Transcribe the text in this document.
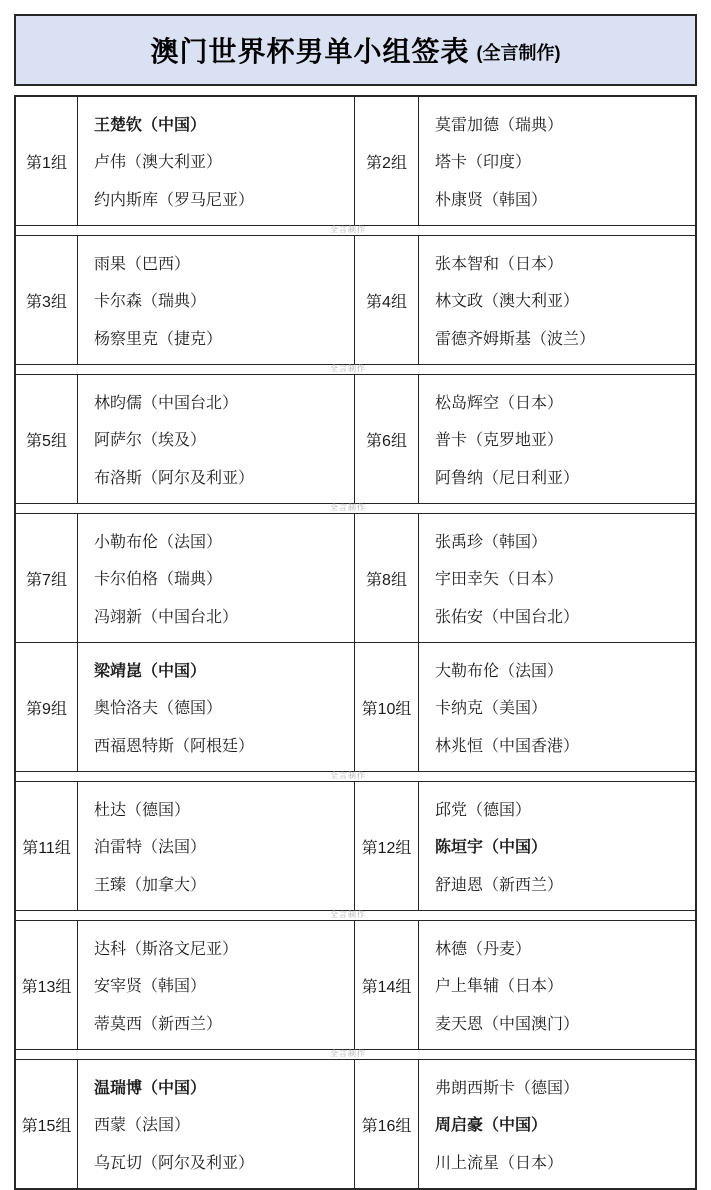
澳门世界杯男单小组签表 (全言制作)
第1组
王楚钦（中国）
卢伟（澳大利亚）
约内斯库（罗马尼亚）
第2组
莫雷加德（瑞典）
塔卡（印度）
朴康贤（韩国）
全言制作
第3组
雨果（巴西）
卡尔森（瑞典）
杨察里克（捷克）
第4组
张本智和（日本）
林文政（澳大利亚）
雷德齐姆斯基（波兰）
全言制作
第5组
林昀儒（中国台北）
阿萨尔（埃及）
布洛斯（阿尔及利亚）
第6组
松岛辉空（日本）
普卡（克罗地亚）
阿鲁纳（尼日利亚）
全言制作
第7组
小勒布伦（法国）
卡尔伯格（瑞典）
冯翊新（中国台北）
第8组
张禹珍（韩国）
宇田幸矢（日本）
张佑安（中国台北）
第9组
梁靖崑（中国）
奥恰洛夫（德国）
西福恩特斯（阿根廷）
第10组
大勒布伦（法国）
卡纳克（美国）
林兆恒（中国香港）
全言制作
第11组
杜达（德国）
泊雷特（法国）
王臻（加拿大）
第12组
邱党（德国）
陈垣宇（中国）
舒迪恩（新西兰）
全言制作
第13组
达科（斯洛文尼亚）
安宰贤（韩国）
蒂莫西（新西兰）
第14组
林德（丹麦）
户上隼辅（日本）
麦天恩（中国澳门）
全言制作
第15组
温瑞博（中国）
西蒙（法国）
乌瓦切（阿尔及利亚）
第16组
弗朗西斯卡（德国）
周启豪（中国）
川上流星（日本）
